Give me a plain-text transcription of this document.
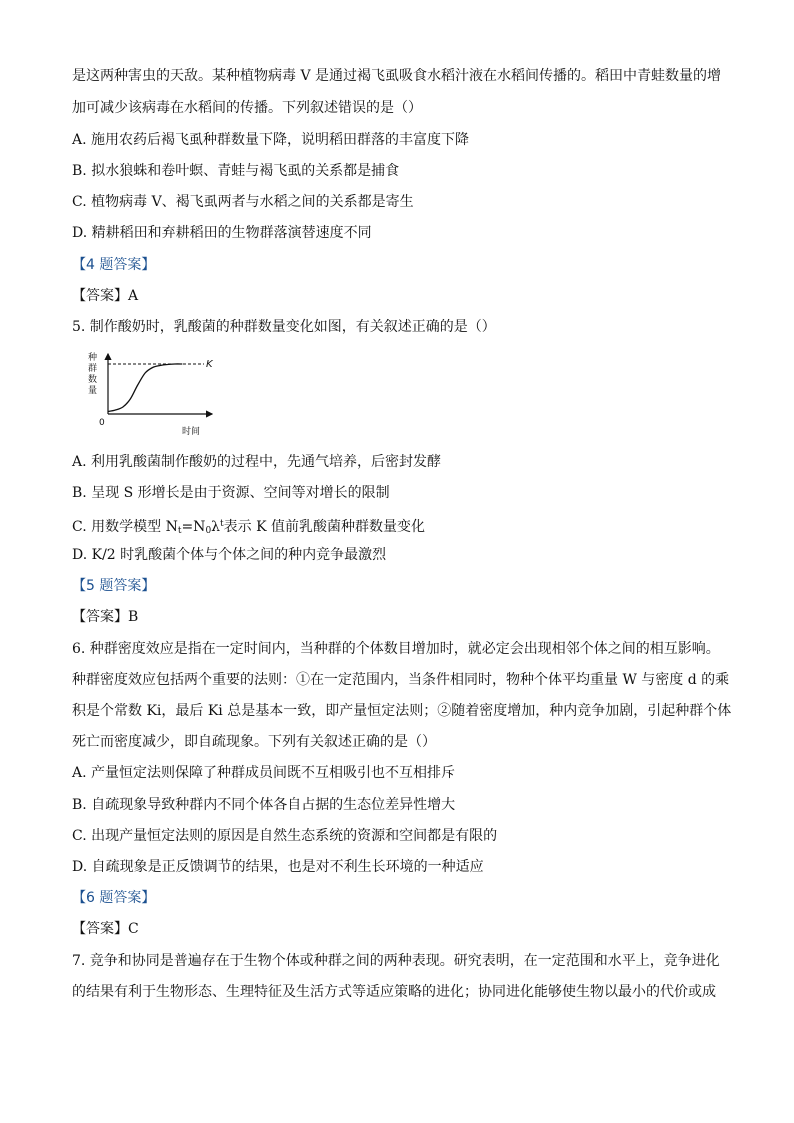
是这两种害虫的天敌。某种植物病毒 V 是通过褐飞虱吸食水稻汁液在水稻间传播的。稻田中青蛙数量的增
加可减少该病毒在水稻间的传播。下列叙述错误的是（）
A. 施用农药后褐飞虱种群数量下降，说明稻田群落的丰富度下降
B. 拟水狼蛛和卷叶螟、青蛙与褐飞虱的关系都是捕食
C. 植物病毒 V、褐飞虱两者与水稻之间的关系都是寄生
D. 精耕稻田和弃耕稻田的生物群落演替速度不同
【4 题答案】
【答案】A
5. 制作酸奶时，乳酸菌的种群数量变化如图，有关叙述正确的是（）
种
群
数
量
K
0
时间
A. 利用乳酸菌制作酸奶的过程中，先通气培养，后密封发酵
B. 呈现 S 形增长是由于资源、空间等对增长的限制
C. 用数学模型 $N_t=N_0\lambda^t$表示 K 值前乳酸菌种群数量变化
D. K/2 时乳酸菌个体与个体之间的种内竞争最激烈
【5 题答案】
【答案】B
6. 种群密度效应是指在一定时间内，当种群的个体数目增加时，就必定会出现相邻个体之间的相互影响。
种群密度效应包括两个重要的法则：①在一定范围内，当条件相同时，物种个体平均重量 W 与密度 d 的乘
积是个常数 Ki，最后 Ki 总是基本一致，即产量恒定法则；②随着密度增加，种内竞争加剧，引起种群个体
死亡而密度减少，即自疏现象。下列有关叙述正确的是（）
A. 产量恒定法则保障了种群成员间既不互相吸引也不互相排斥
B. 自疏现象导致种群内不同个体各自占据的生态位差异性增大
C. 出现产量恒定法则的原因是自然生态系统的资源和空间都是有限的
D. 自疏现象是正反馈调节的结果，也是对不利生长环境的一种适应
【6 题答案】
【答案】C
7. 竞争和协同是普遍存在于生物个体或种群之间的两种表现。研究表明，在一定范围和水平上，竞争进化
的结果有利于生物形态、生理特征及生活方式等适应策略的进化；协同进化能够使生物以最小的代价或成
